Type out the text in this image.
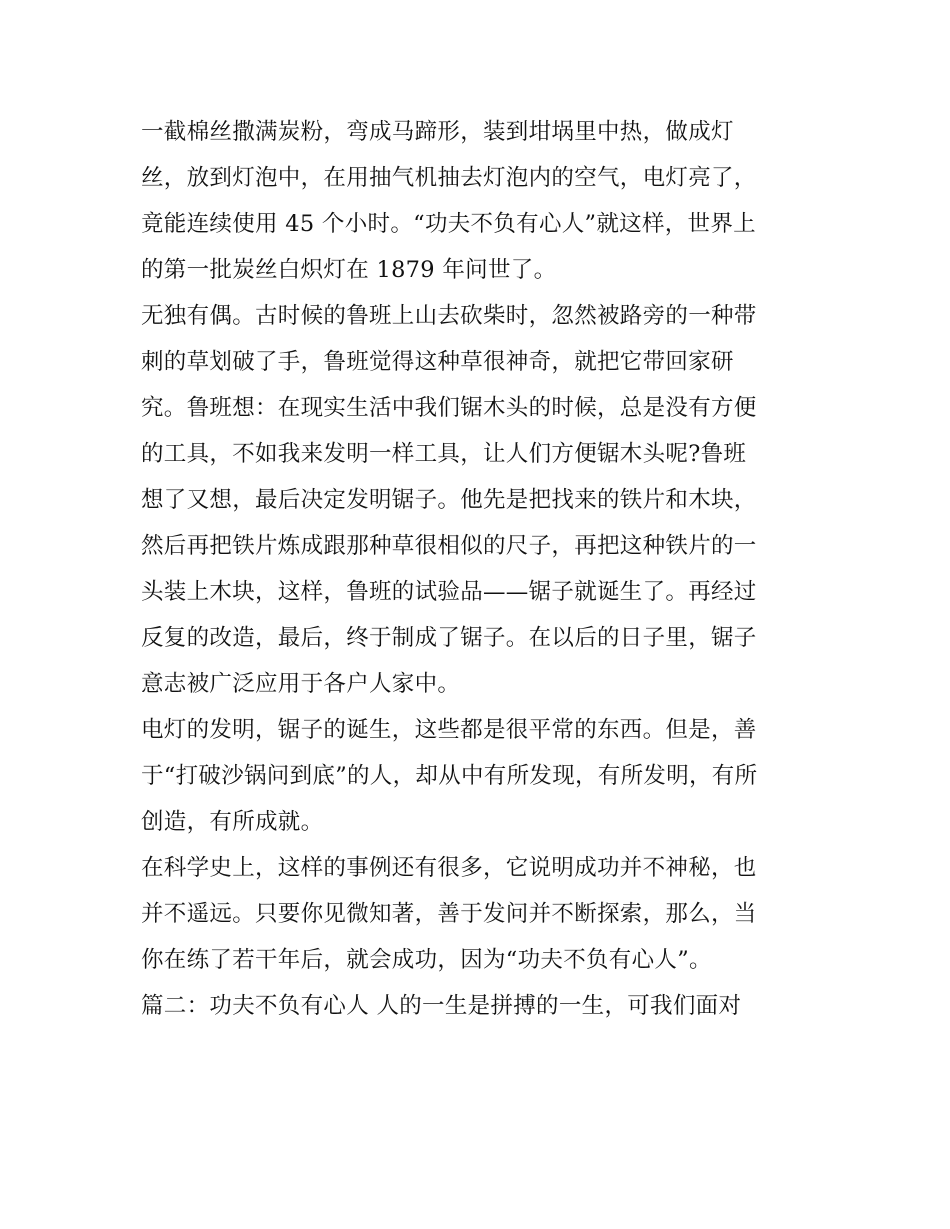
一截棉丝撒满炭粉，弯成马蹄形，装到坩埚里中热，做成灯
丝，放到灯泡中，在用抽气机抽去灯泡内的空气，电灯亮了，
竟能连续使用 45 个小时。“功夫不负有心人”就这样，世界上
的第一批炭丝白炽灯在 1879 年问世了。
无独有偶。古时候的鲁班上山去砍柴时，忽然被路旁的一种带
刺的草划破了手，鲁班觉得这种草很神奇，就把它带回家研
究。鲁班想：在现实生活中我们锯木头的时候，总是没有方便
的工具，不如我来发明一样工具，让人们方便锯木头呢?鲁班
想了又想，最后决定发明锯子。他先是把找来的铁片和木块，
然后再把铁片炼成跟那种草很相似的尺子，再把这种铁片的一
头装上木块，这样，鲁班的试验品——锯子就诞生了。再经过
反复的改造，最后，终于制成了锯子。在以后的日子里，锯子
意志被广泛应用于各户人家中。
电灯的发明，锯子的诞生，这些都是很平常的东西。但是，善
于“打破沙锅问到底”的人，却从中有所发现，有所发明，有所
创造，有所成就。
在科学史上，这样的事例还有很多，它说明成功并不神秘，也
并不遥远。只要你见微知著，善于发问并不断探索，那么，当
你在练了若干年后，就会成功，因为“功夫不负有心人”。
篇二：功夫不负有心人 人的一生是拼搏的一生，可我们面对
